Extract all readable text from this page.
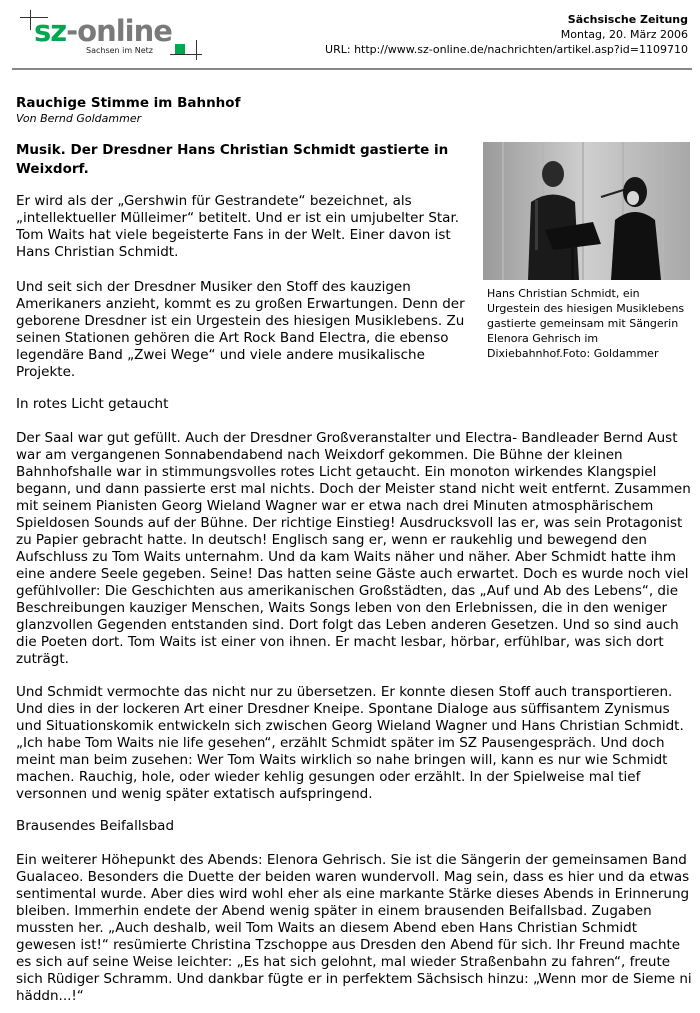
sz-online
Sachsen im Netz
Sächsische Zeitung
Montag, 20. März 2006
URL: http://www.sz-online.de/nachrichten/artikel.asp?id=1109710
Rauchige Stimme im Bahnhof
Von Bernd Goldammer
Musik. Der Dresdner Hans Christian Schmidt gastierte in Weixdorf.
Hans Christian Schmidt, ein Urgestein des hiesigen Musiklebens gastierte gemeinsam mit Sängerin Elenora Gehrisch im Dixiebahnhof.Foto: Goldammer
Er wird als der „Gershwin für Gestrandete“ bezeichnet, als „intellektueller Mülleimer“ betitelt. Und er ist ein umjubelter Star. Tom Waits hat viele begeisterte Fans in der Welt. Einer davon ist Hans Christian Schmidt.
Und seit sich der Dresdner Musiker den Stoff des kauzigen Amerikaners anzieht, kommt es zu großen Erwartungen. Denn der geborene Dresdner ist ein Urgestein des hiesigen Musiklebens. Zu seinen Stationen gehören die Art Rock Band Electra, die ebenso legendäre Band „Zwei Wege“ und viele andere musikalische Projekte.
In rotes Licht getaucht
Der Saal war gut gefüllt. Auch der Dresdner Großveranstalter und Electra- Bandleader Bernd Aust war am vergangenen Sonnabendabend nach Weixdorf gekommen. Die Bühne der kleinen Bahnhofshalle war in stimmungsvolles rotes Licht getaucht. Ein monoton wirkendes Klangspiel begann, und dann passierte erst mal nichts. Doch der Meister stand nicht weit entfernt. Zusammen mit seinem Pianisten Georg Wieland Wagner war er etwa nach drei Minuten atmosphärischem Spieldosen Sounds auf der Bühne. Der richtige Einstieg! Ausdrucksvoll las er, was sein Protagonist zu Papier gebracht hatte. In deutsch! Englisch sang er, wenn er raukehlig und bewegend den Aufschluss zu Tom Waits unternahm. Und da kam Waits näher und näher. Aber Schmidt hatte ihm eine andere Seele gegeben. Seine! Das hatten seine Gäste auch erwartet. Doch es wurde noch viel gefühlvoller: Die Geschichten aus amerikanischen Großstädten, das „Auf und Ab des Lebens“, die Beschreibungen kauziger Menschen, Waits Songs leben von den Erlebnissen, die in den weniger glanzvollen Gegenden entstanden sind. Dort folgt das Leben anderen Gesetzen. Und so sind auch die Poeten dort. Tom Waits ist einer von ihnen. Er macht lesbar, hörbar, erfühlbar, was sich dort zuträgt.
Und Schmidt vermochte das nicht nur zu übersetzen. Er konnte diesen Stoff auch transportieren. Und dies in der lockeren Art einer Dresdner Kneipe. Spontane Dialoge aus süffisantem Zynismus und Situationskomik entwickeln sich zwischen Georg Wieland Wagner und Hans Christian Schmidt. „Ich habe Tom Waits nie life gesehen“, erzählt Schmidt später im SZ Pausengespräch. Und doch meint man beim zusehen: Wer Tom Waits wirklich so nahe bringen will, kann es nur wie Schmidt machen. Rauchig, hole, oder wieder kehlig gesungen oder erzählt. In der Spielweise mal tief versonnen und wenig später extatisch aufspringend.
Brausendes Beifallsbad
Ein weiterer Höhepunkt des Abends: Elenora Gehrisch. Sie ist die Sängerin der gemeinsamen Band Gualaceo. Besonders die Duette der beiden waren wundervoll. Mag sein, dass es hier und da etwas sentimental wurde. Aber dies wird wohl eher als eine markante Stärke dieses Abends in Erinnerung bleiben. Immerhin endete der Abend wenig später in einem brausenden Beifallsbad. Zugaben mussten her. „Auch deshalb, weil Tom Waits an diesem Abend eben Hans Christian Schmidt gewesen ist!“ resümierte Christina Tzschoppe aus Dresden den Abend für sich. Ihr Freund machte es sich auf seine Weise leichter: „Es hat sich gelohnt, mal wieder Straßenbahn zu fahren“, freute sich Rüdiger Schramm. Und dankbar fügte er in perfektem Sächsisch hinzu: „Wenn mor de Sieme ni häddn...!“
